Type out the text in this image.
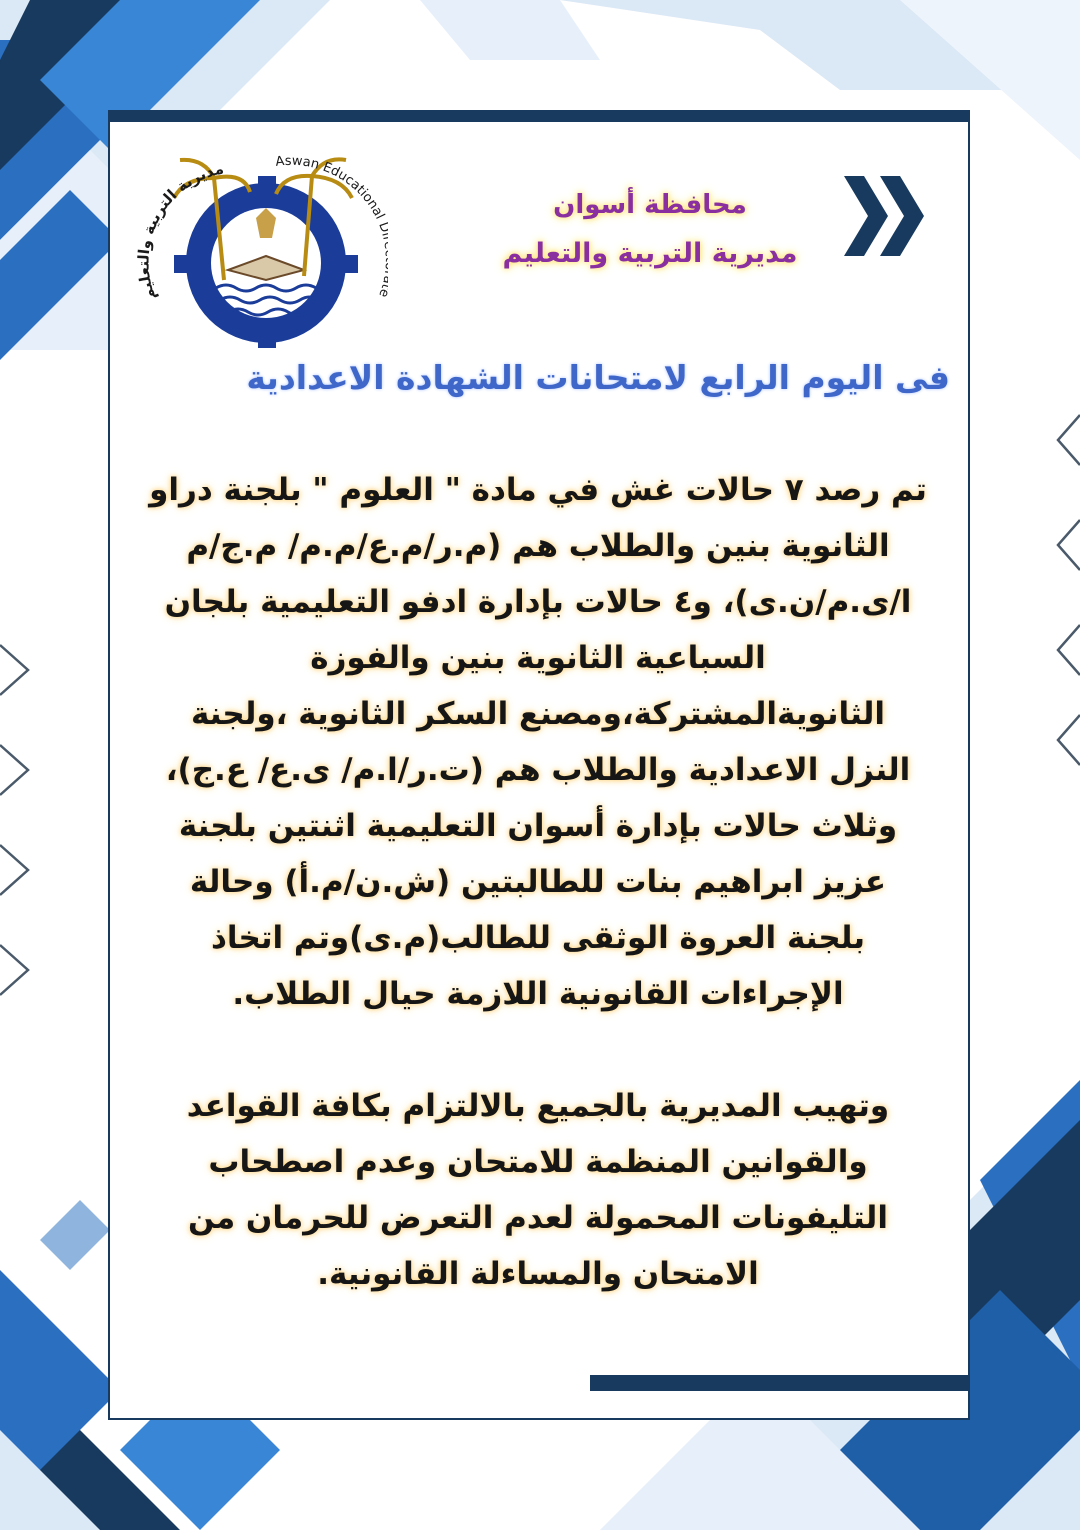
مديرية التربية والتعليم	Aswan Educational	محافظة أسوان
مديرية التربية والتعليم
فى اليوم الرابع لامتحانات الشهادة الاعدادية
تم رصد ٧ حالات غش في مادة " العلوم " بلجنة دراو
الثانوية بنين والطلاب هم (م.ر/م.ع/م.م/ م.ج/م
ا/ى.م/ن.ى)، و٤ حالات بإدارة ادفو التعليمية بلجان
السباعية الثانوية بنين والفوزة
الثانويةالمشتركة،ومصنع السكر الثانوية ،ولجنة
النزل الاعدادية والطلاب هم (ت.ر/ا.م/ ى.ع/ ع.ج)،
وثلاث حالات بإدارة أسوان التعليمية اثنتين بلجنة
عزيز ابراهيم بنات للطالبتين (ش.ن/م.أ) وحالة
بلجنة العروة الوثقى للطالب(م.ى)وتم اتخاذ
الإجراءات القانونية اللازمة حيال الطلاب.
وتهيب المديرية بالجميع بالالتزام بكافة القواعد
والقوانين المنظمة للامتحان وعدم اصطحاب
التليفونات المحمولة لعدم التعرض للحرمان من
الامتحان والمساءلة القانونية.
